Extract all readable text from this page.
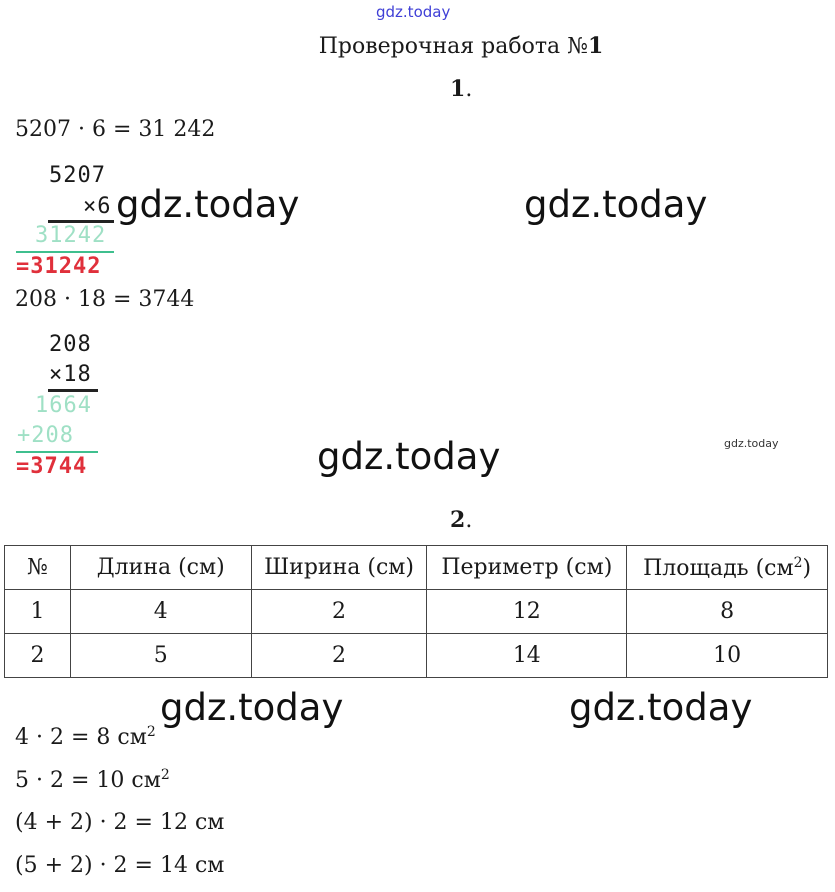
gdz.today
Проверочная работа №1
1.
5207 · 6 = 31 242
5207
×6
31242
=31242
208 · 18 = 3744
208
×18
1664
+208
=3744
gdz.today	gdz.today
gdz.today	gdz.today
2.
№	Длина (см)	Ширина (см)	Периметр (см)	Площадь $(см^2)$
1	4	2	12	8
2	5	2	14	10
gdz.today	gdz.today
4 · 2 = 8 $см^2$
5 · 2 = 10 $см^2$
(4 + 2) · 2 = 12 см
(5 + 2) · 2 = 14 см
